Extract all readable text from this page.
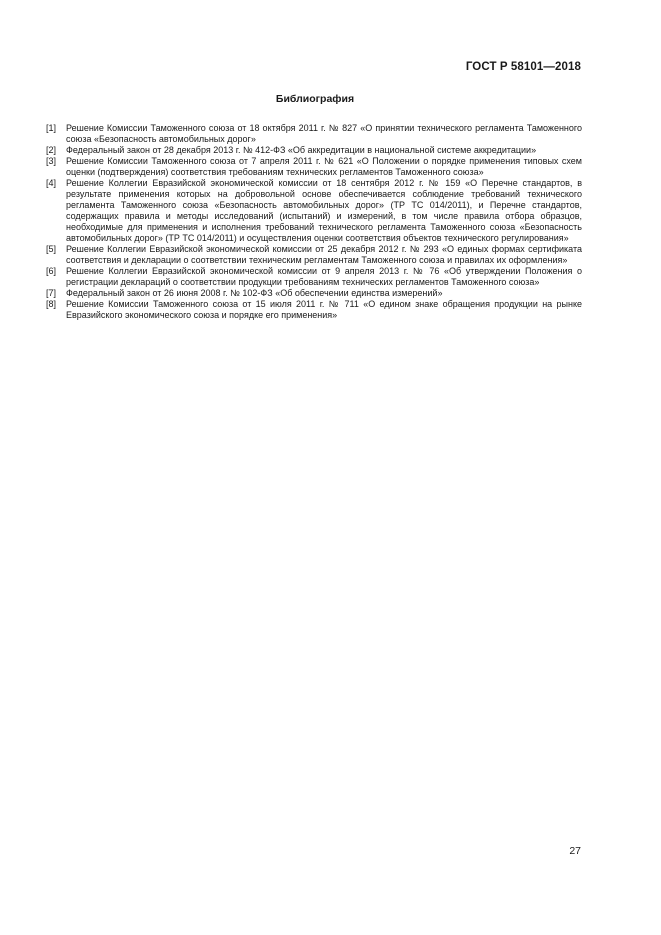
ГОСТ Р 58101—2018
Библиография
[1]	Решение Комиссии Таможенного союза от 18 октября 2011 г. № 827 «О принятии технического регламента Таможенного союза «Безопасность автомобильных дорог»
[2]	Федеральный закон от 28 декабря 2013 г. № 412-ФЗ «Об аккредитации в национальной системе аккредитации»
[3]	Решение Комиссии Таможенного союза от 7 апреля 2011 г. № 621 «О Положении о порядке применения типовых схем оценки (подтверждения) соответствия требованиям технических регламентов Таможенного союза»
[4]	Решение Коллегии Евразийской экономической комиссии от 18 сентября 2012 г. № 159 «О Перечне стандартов, в результате применения которых на добровольной основе обеспечивается соблюдение требований технического регламента Таможенного союза «Безопасность автомобильных дорог» (ТР ТС 014/2011), и Перечне стандартов, содержащих правила и методы исследований (испытаний) и измерений, в том числе правила отбора образцов, необходимые для применения и исполнения требований технического регламента Таможенного союза «Безопасность автомобильных дорог» (ТР ТС 014/2011) и осуществления оценки соответствия объектов технического регулирования»
[5]	Решение Коллегии Евразийской экономической комиссии от 25 декабря 2012 г. № 293 «О единых формах сертификата соответствия и декларации о соответствии техническим регламентам Таможенного союза и правилах их оформления»
[6]	Решение Коллегии Евразийской экономической комиссии от 9 апреля 2013 г. № 76 «Об утверждении Положения о регистрации деклараций о соответствии продукции требованиям технических регламентов Таможенного союза»
[7]	Федеральный закон от 26 июня 2008 г. № 102-ФЗ «Об обеспечении единства измерений»
[8]	Решение Комиссии Таможенного союза от 15 июля 2011 г. № 711 «О едином знаке обращения продукции на рынке Евразийского экономического союза и порядке его применения»
27
